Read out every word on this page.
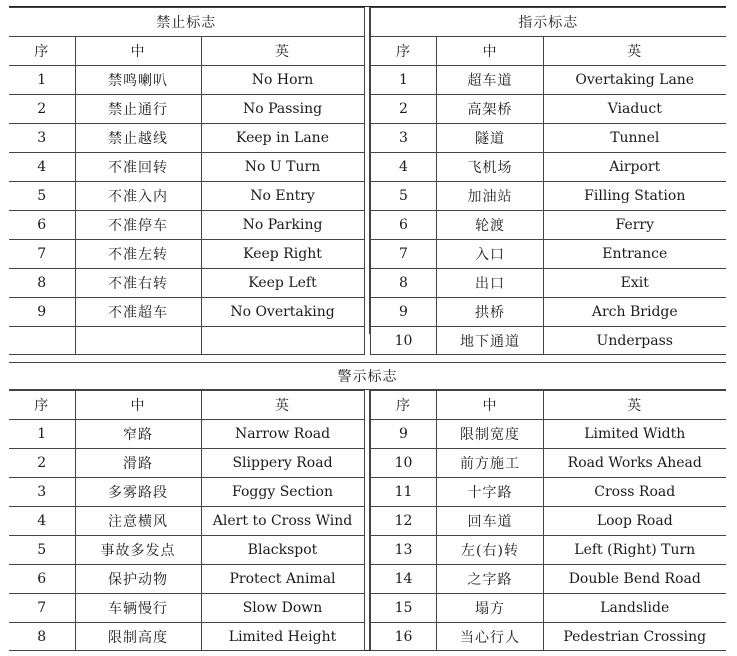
禁止标志		
序	中	英
1	禁鸣喇叭	No Horn
2	禁止通行	No Passing
3	禁止越线	Keep in Lane
4	不准回转	No U Turn
5	不准入内	No Entry
6	不准停车	No Parking
7	不准左转	Keep Right
8	不准右转	Keep Left
9	不准超车	No Overtaking

指示标志		
序	中	英
1	超车道	Overtaking Lane
2	高架桥	Viaduct
3	隧道	Tunnel
4	飞机场	Airport
5	加油站	Filling Station
6	轮渡	Ferry
7	入口	Entrance
8	出口	Exit
9	拱桥	Arch Bridge
10	地下通道	Underpass
警示标志
序	中	英
1	窄路	Narrow Road
2	滑路	Slippery Road
3	多雾路段	Foggy Section
4	注意横风	Alert to Cross Wind
5	事故多发点	Blackspot
6	保护动物	Protect Animal
7	车辆慢行	Slow Down
8	限制高度	Limited Height
序	中	英
9	限制宽度	Limited Width
10	前方施工	Road Works Ahead
11	十字路	Cross Road
12	回车道	Loop Road
13	左(右)转	Left (Right) Turn
14	之字路	Double Bend Road
15	塌方	Landslide
16	当心行人	Pedestrian Crossing
